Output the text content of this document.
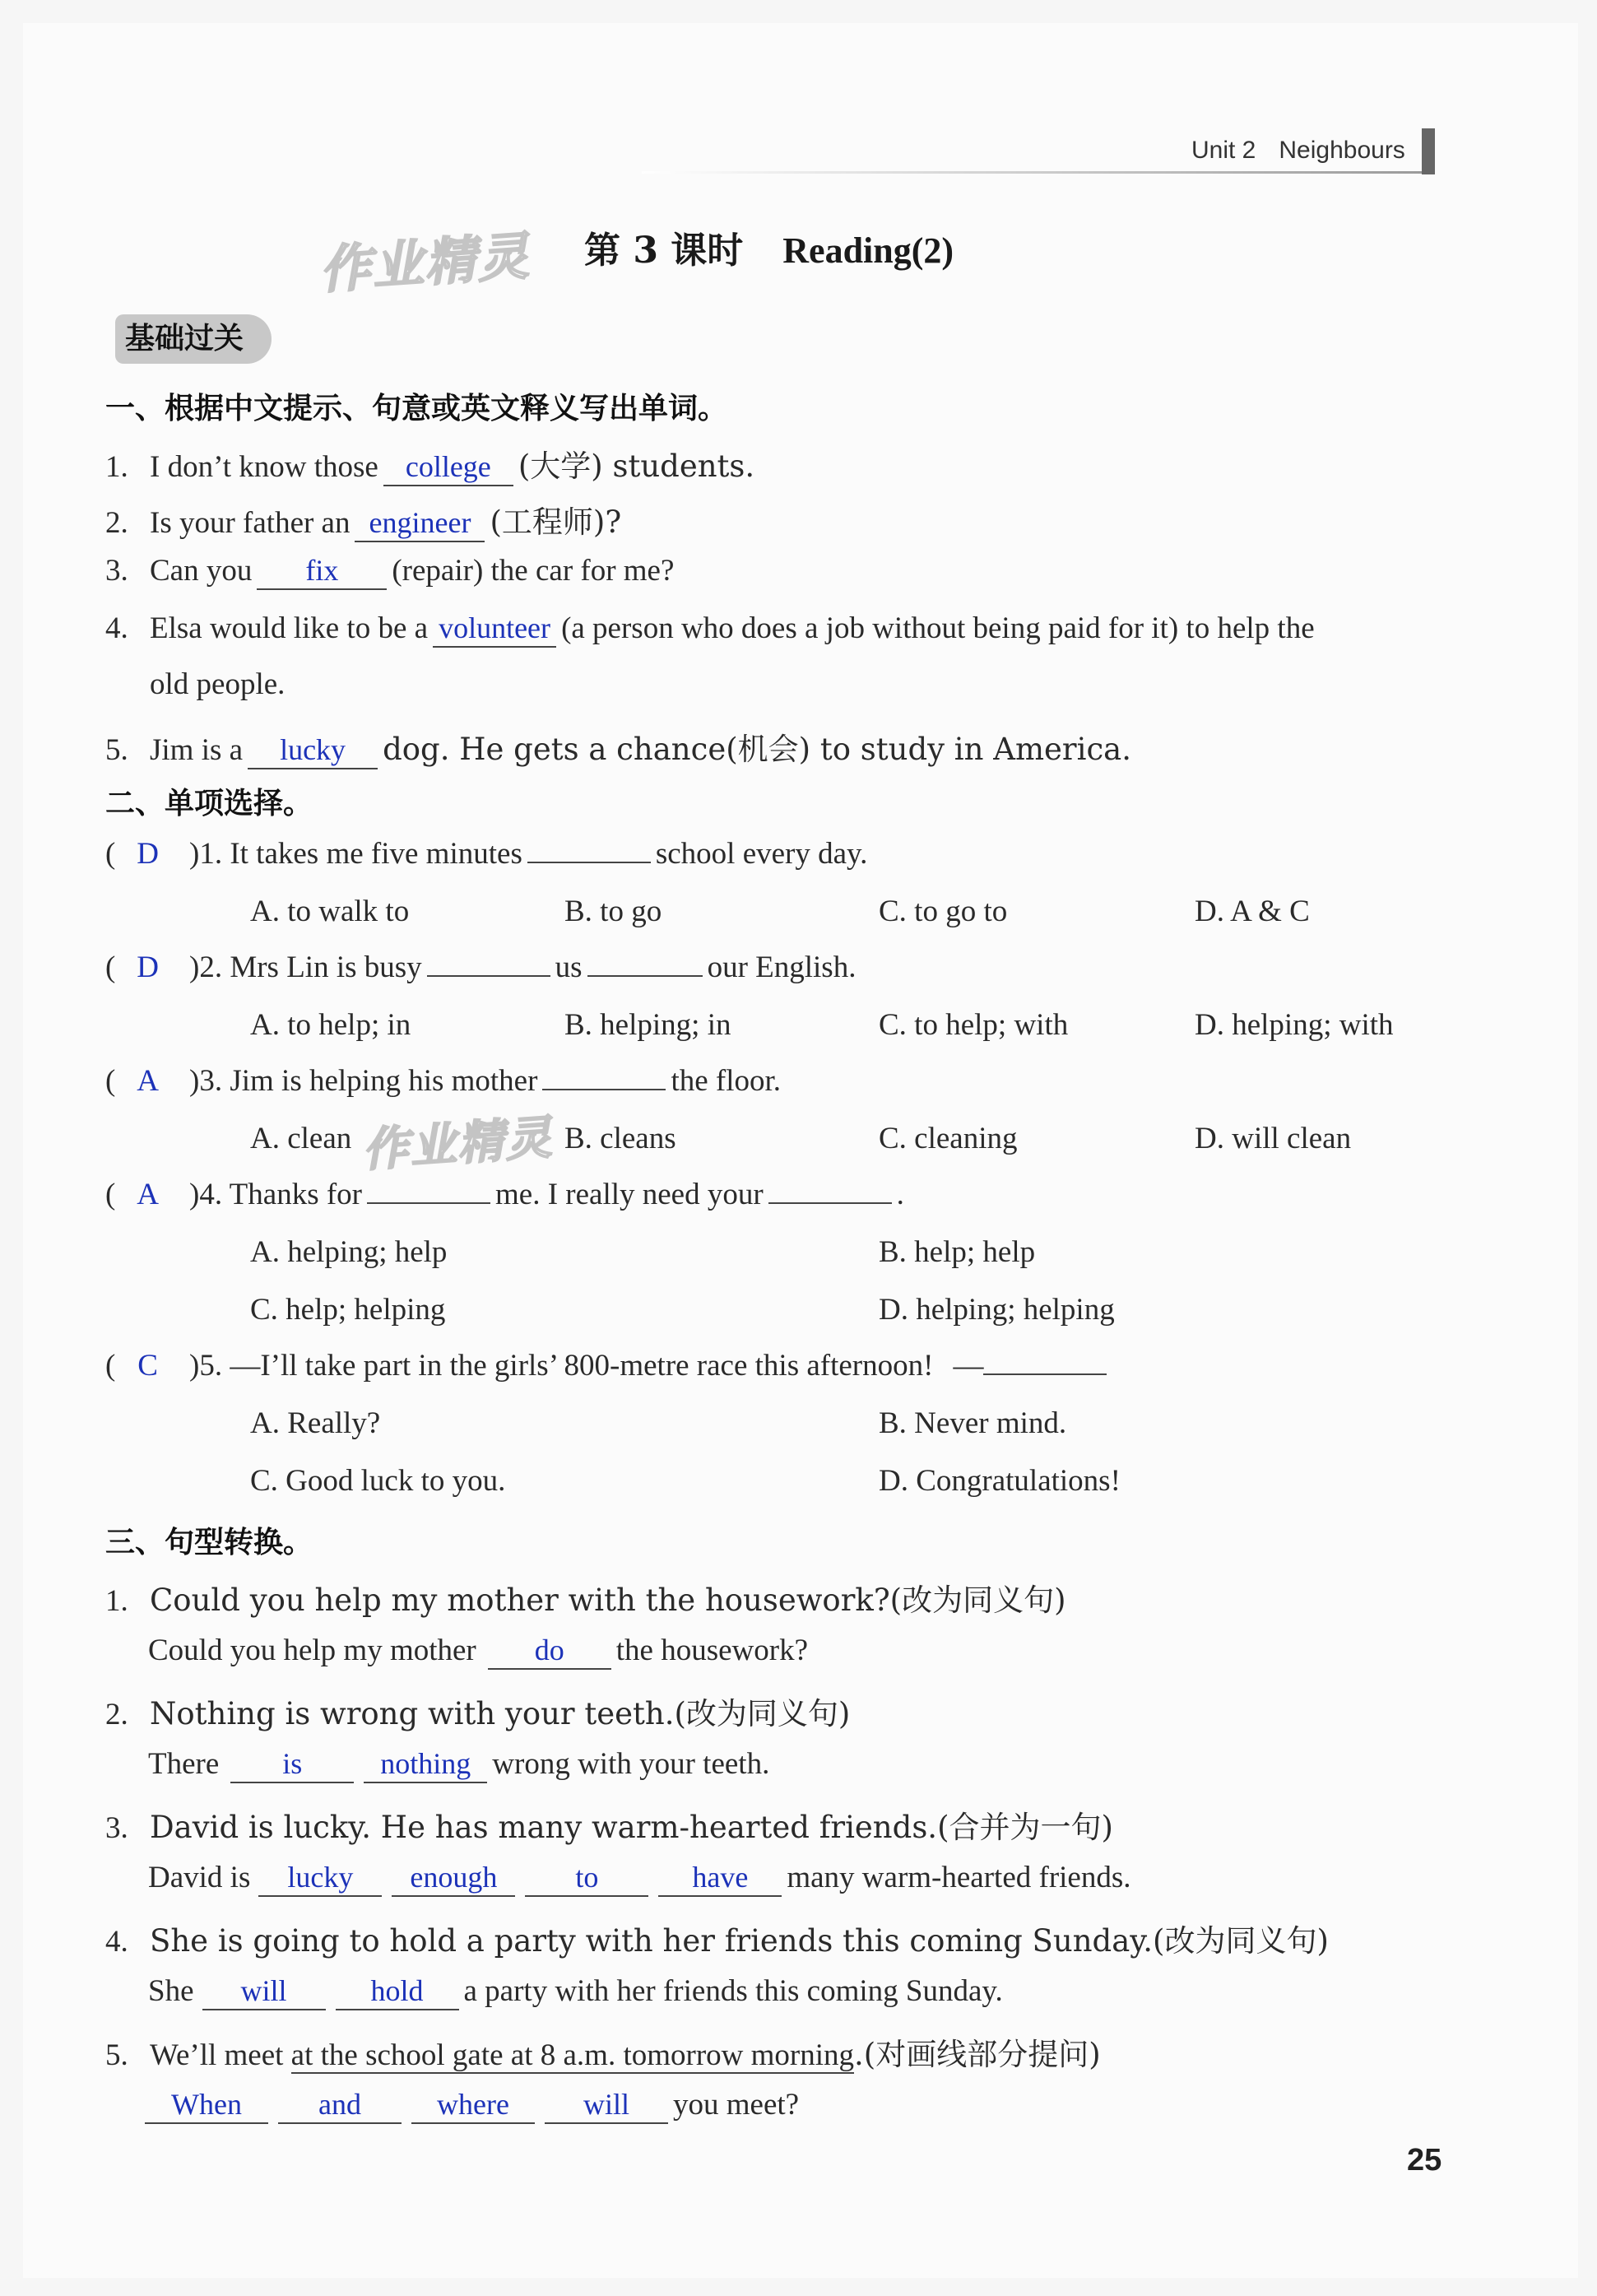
Unit 2 Neighbours
作业精灵
作业精灵
第 3 课时 Reading(2)
基础过关
一、根据中文提示、句意或英文释义写出单词。
1. I don’t know those college (大学) students.
2. Is your father an engineer (工程师)?
3. Can you fix (repair) the car for me?
4. Elsa would like to be a volunteer (a person who does a job without being paid for it) to help the
old people.
5. Jim is a lucky dog. He gets a chance(机会) to study in America.
二、单项选择。
( D )1. It takes me five minutes	school every day.
A. to walk to	B. to go	C. to go to	D. A & C
( D )2. Mrs Lin is busy	us	our English.
A. to help; in	B. helping; in	C. to help; with	D. helping; with
( A )3. Jim is helping his mother	the floor.
A. clean	B. cleans	C. cleaning	D. will clean
( A )4. Thanks for	me. I really need your	.
A. helping; help	B. help; help
C. help; helping	D. helping; helping
( C )5. —I’ll take part in the girls’ 800-metre race this afternoon! —
A. Really?	B. Never mind.
C. Good luck to you.	D. Congratulations!
三、句型转换。
1. Could you help my mother with the housework?(改为同义句)
Could you help my mother do the housework?
2. Nothing is wrong with your teeth.(改为同义句)
There is	nothing wrong with your teeth.
3. David is lucky. He has many warm-hearted friends.(合并为一句)
David is lucky enough	to	have many warm-hearted friends.
4. She is going to hold a party with her friends this coming Sunday.(改为同义句)
She will	hold a party with her friends this coming Sunday.
5. We’ll meet at the school gate at 8 a.m. tomorrow morning.(对画线部分提问)
When	and	where	will you meet?
25
